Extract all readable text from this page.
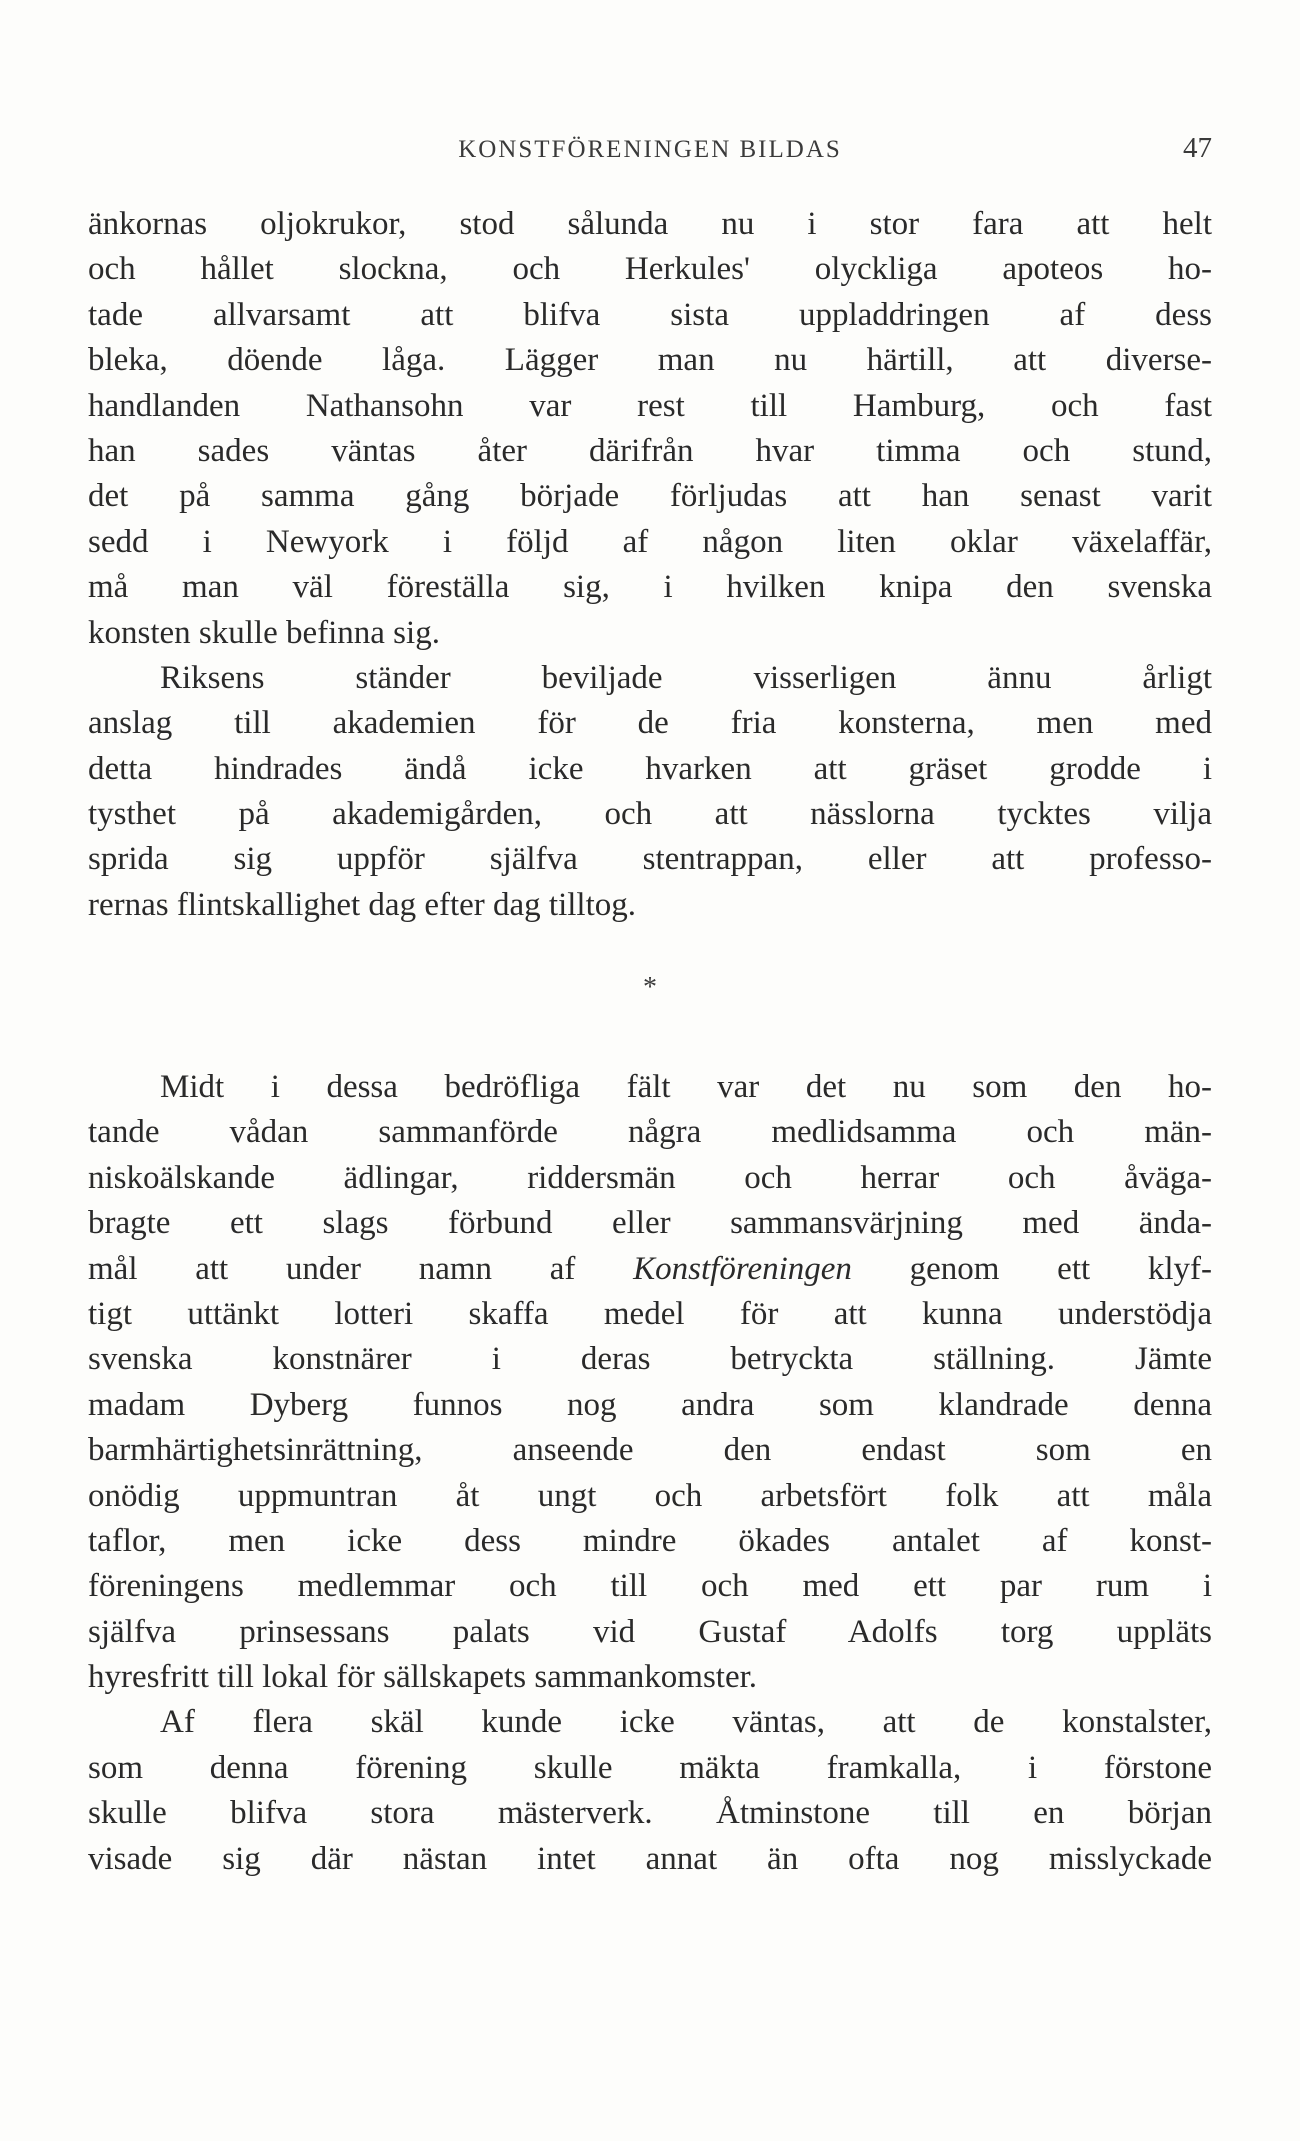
KONSTFÖRENINGEN BILDAS	47

änkornas oljokrukor, stod sålunda nu i stor fara att helt
och hållet slockna, och Herkules' olyckliga apoteos ho-
tade allvarsamt att blifva sista uppladdringen af dess
bleka, döende låga. Lägger man nu härtill, att diverse-
handlanden Nathansohn var rest till Hamburg, och fast
han sades väntas åter därifrån hvar timma och stund,
det på samma gång började förljudas att han senast varit
sedd i Newyork i följd af någon liten oklar växelaffär,
må man väl föreställa sig, i hvilken knipa den svenska
konsten skulle befinna sig.

Riksens ständer beviljade visserligen ännu årligt
anslag till akademien för de fria konsterna, men med
detta hindrades ändå icke hvarken att gräset grodde i
tysthet på akademigården, och att nässlorna tycktes vilja
sprida sig uppför själfva stentrappan, eller att professo-
rernas flintskallighet dag efter dag tilltog.

*

Midt i dessa bedröfliga fält var det nu som den ho-
tande vådan sammanförde några medlidsamma och män-
niskoälskande ädlingar, riddersmän och herrar och åväga-
bragte ett slags förbund eller sammansvärjning med ända-
mål att under namn af Konstföreningen genom ett klyf-
tigt uttänkt lotteri skaffa medel för att kunna understödja
svenska konstnärer i deras betryckta ställning. Jämte
madam Dyberg funnos nog andra som klandrade denna
barmhärtighetsinrättning, anseende den endast som en
onödig uppmuntran åt ungt och arbetsfört folk att måla
taflor, men icke dess mindre ökades antalet af konst-
föreningens medlemmar och till och med ett par rum i
själfva prinsessans palats vid Gustaf Adolfs torg uppläts
hyresfritt till lokal för sällskapets sammankomster.

Af flera skäl kunde icke väntas, att de konstalster,
som denna förening skulle mäkta framkalla, i förstone
skulle blifva stora mästerverk. Åtminstone till en början
visade sig där nästan intet annat än ofta nog misslyckade
